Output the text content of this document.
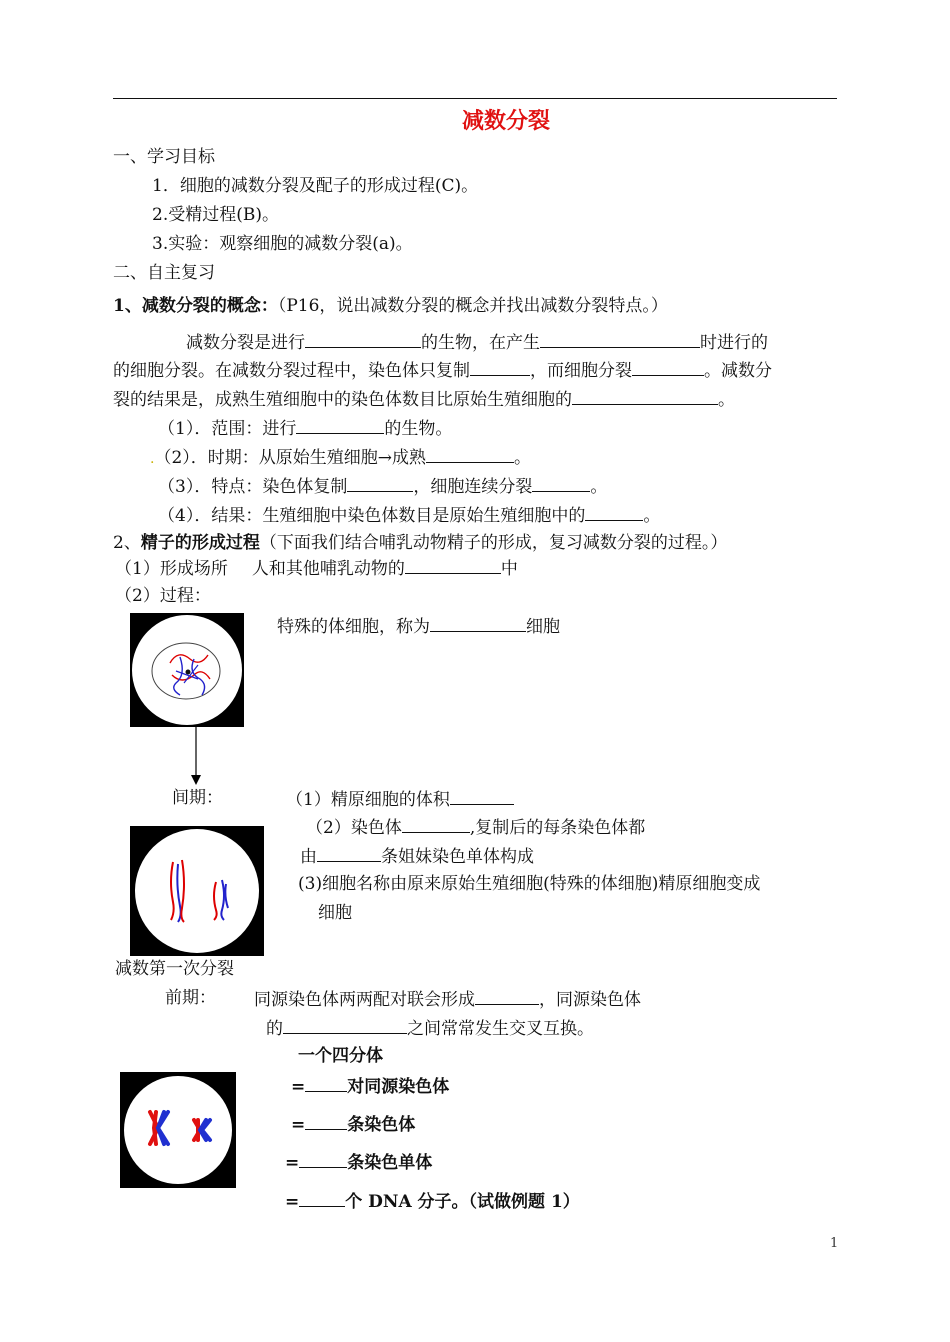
减数分裂
一、学习目标
1．细胞的减数分裂及配子的形成过程(C)。
2.受精过程(B)。
3.实验：观察细胞的减数分裂(a)。
二、自主复习
1、减数分裂的概念：（P16，说出减数分裂的概念并找出减数分裂特点。）
减数分裂是进行	的生物，在产生	时进行的
的细胞分裂。在减数分裂过程中，染色体只复制	，而细胞分裂	。减数分
裂的结果是，成熟生殖细胞中的染色体数目比原始生殖细胞的	。
（1）．范围：进行	的生物。
.（2）．时期：从原始生殖细胞→成熟	。
（3）．特点：染色体复制	，细胞连续分裂	。
（4）．结果：生殖细胞中染色体数目是原始生殖细胞中的	。
2、精子的形成过程（下面我们结合哺乳动物精子的形成，复习减数分裂的过程。）
（1）形成场所 人和其他哺乳动物的	中
（2）过程：
特殊的体细胞，称为	细胞
间期：	（1）精原细胞的体积
（2）染色体	,复制后的每条染色体都
由	条姐妹染色单体构成
(3)细胞名称由原来原始生殖细胞(特殊的体细胞)精原细胞变成
细胞
减数第一次分裂
前期： 同源染色体两两配对联会形成	，同源染色体
的	之间常常发生交叉互换。
一个四分体
= 对同源染色体
= 条染色体
=	条染色单体
=	个 DNA 分子。（试做例题 1）
1
